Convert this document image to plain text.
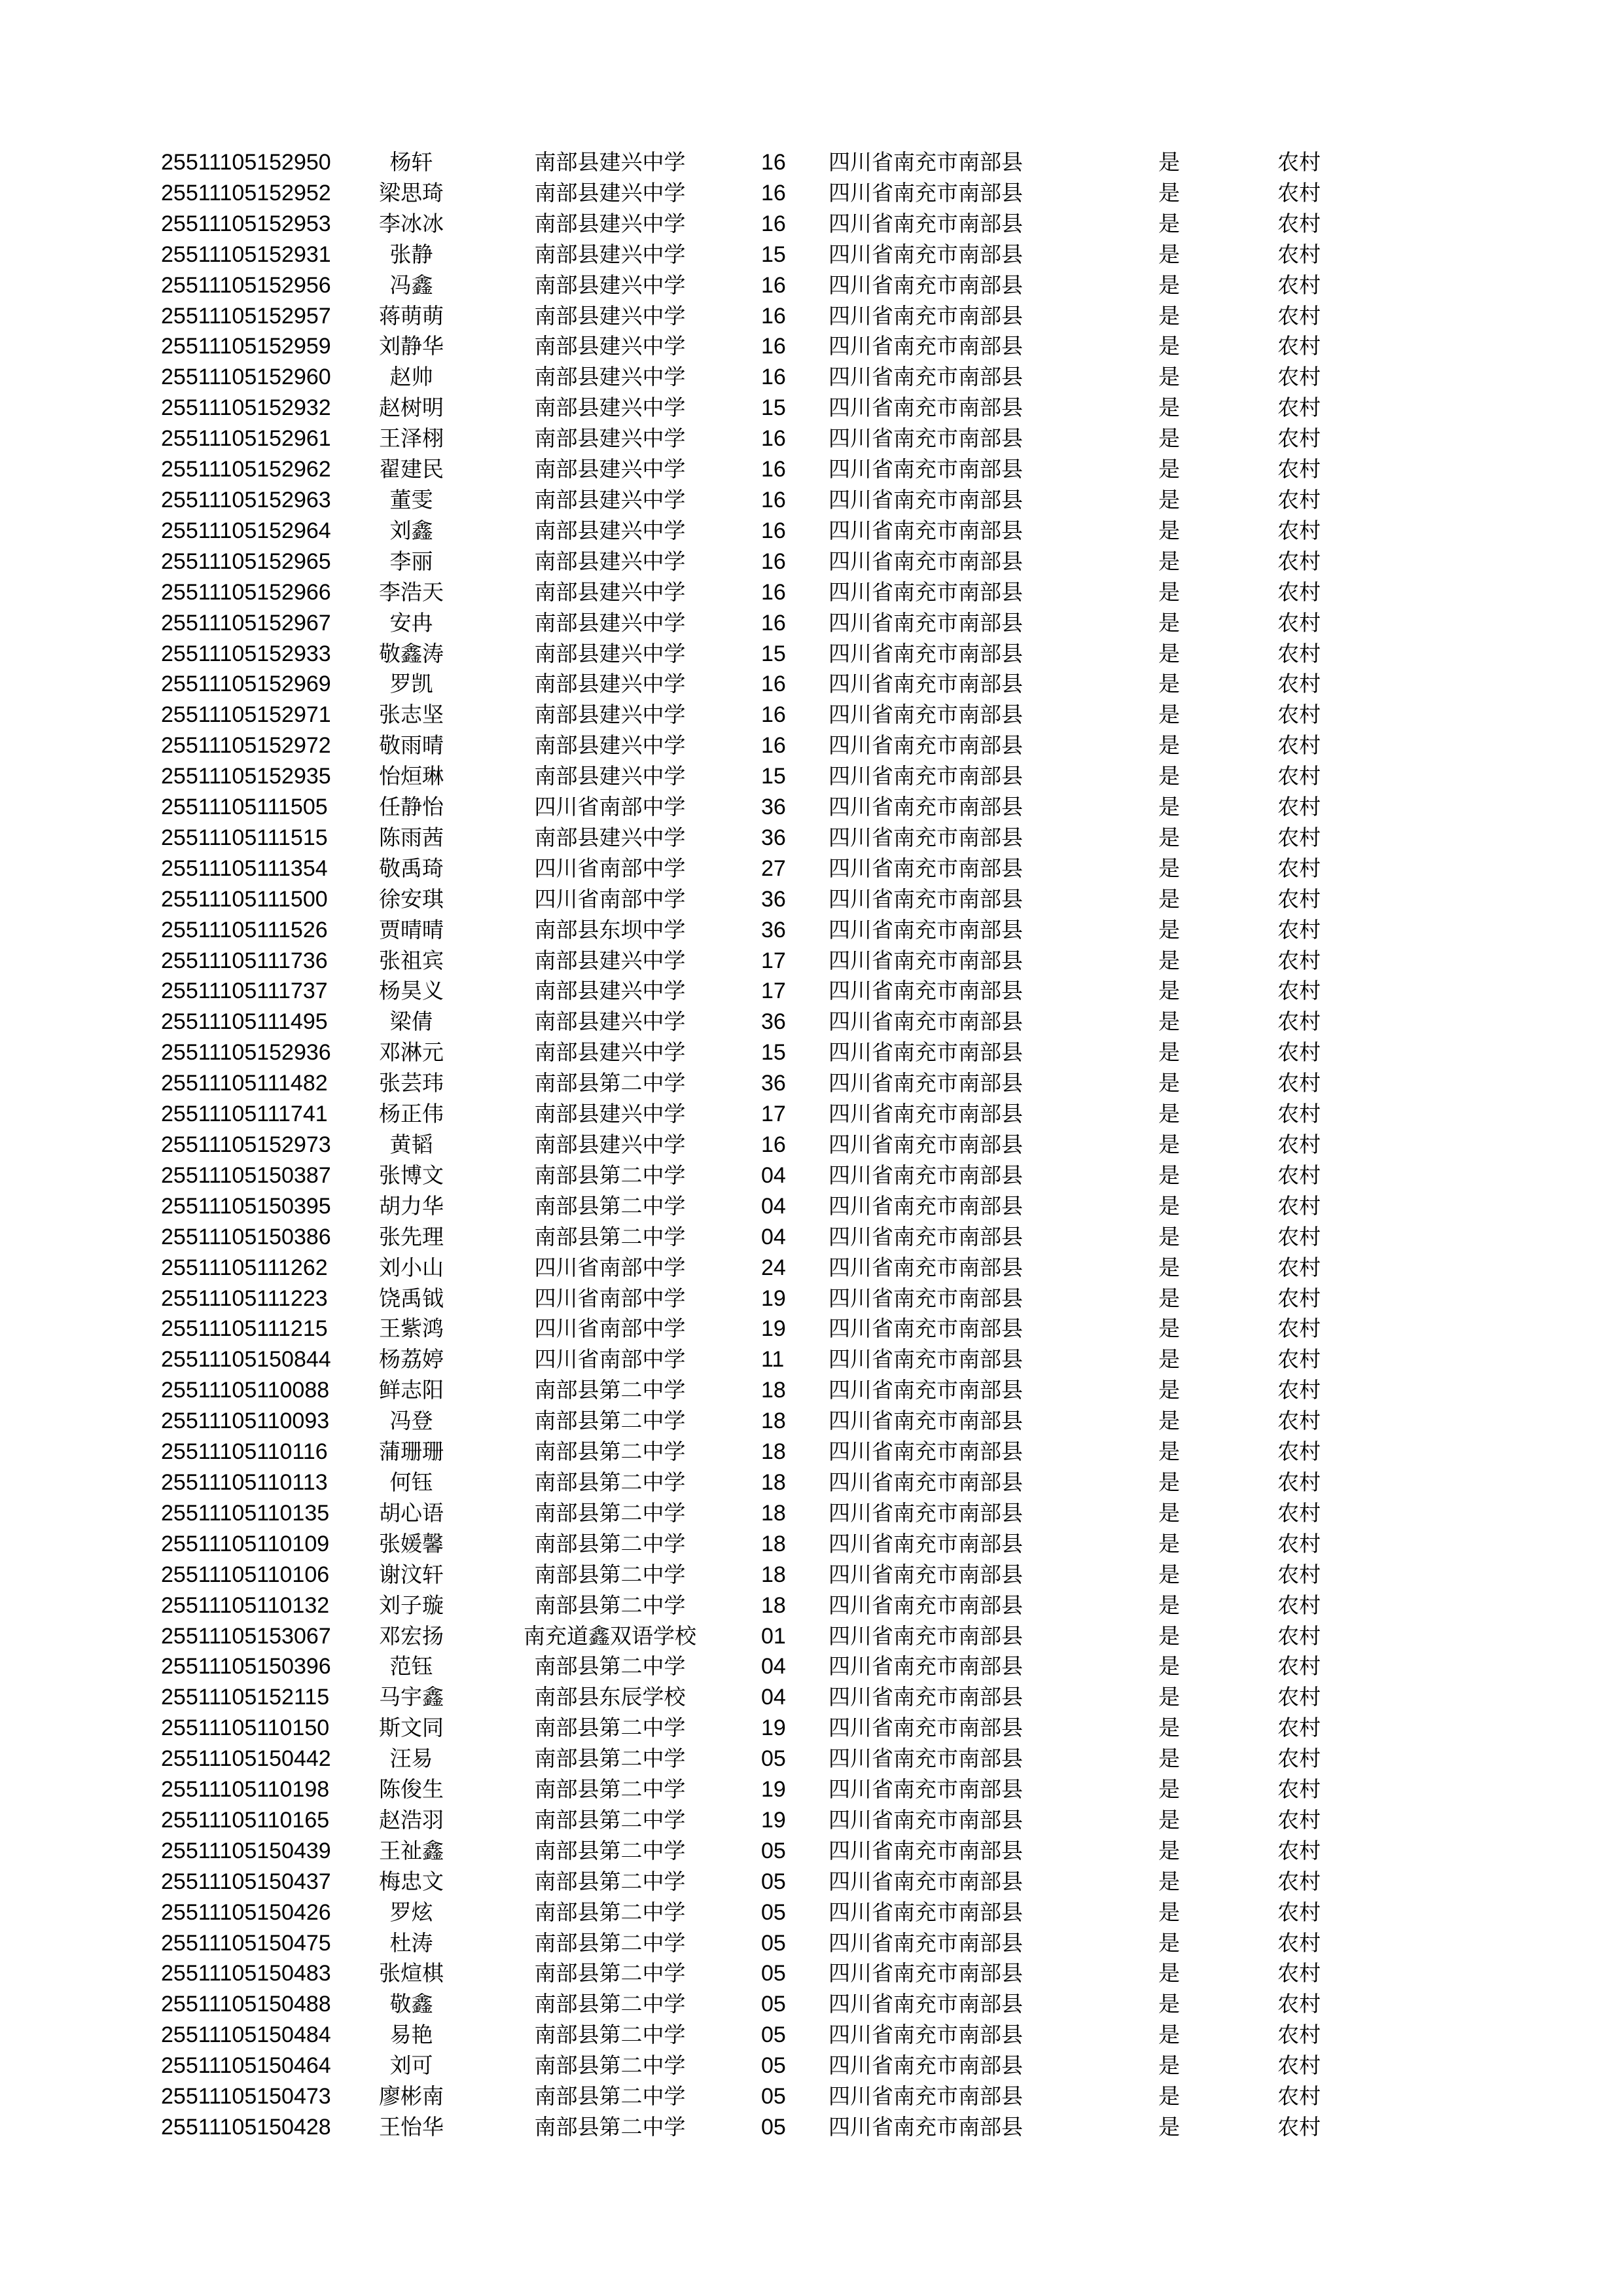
25511105152950	杨轩	南部县建兴中学	16	四川省南充市南部县	是	农村
25511105152952	梁思琦	南部县建兴中学	16	四川省南充市南部县	是	农村
25511105152953	李冰冰	南部县建兴中学	16	四川省南充市南部县	是	农村
25511105152931	张静	南部县建兴中学	15	四川省南充市南部县	是	农村
25511105152956	冯鑫	南部县建兴中学	16	四川省南充市南部县	是	农村
25511105152957	蒋萌萌	南部县建兴中学	16	四川省南充市南部县	是	农村
25511105152959	刘静华	南部县建兴中学	16	四川省南充市南部县	是	农村
25511105152960	赵帅	南部县建兴中学	16	四川省南充市南部县	是	农村
25511105152932	赵树明	南部县建兴中学	15	四川省南充市南部县	是	农村
25511105152961	王泽栩	南部县建兴中学	16	四川省南充市南部县	是	农村
25511105152962	翟建民	南部县建兴中学	16	四川省南充市南部县	是	农村
25511105152963	董雯	南部县建兴中学	16	四川省南充市南部县	是	农村
25511105152964	刘鑫	南部县建兴中学	16	四川省南充市南部县	是	农村
25511105152965	李丽	南部县建兴中学	16	四川省南充市南部县	是	农村
25511105152966	李浩天	南部县建兴中学	16	四川省南充市南部县	是	农村
25511105152967	安冉	南部县建兴中学	16	四川省南充市南部县	是	农村
25511105152933	敬鑫涛	南部县建兴中学	15	四川省南充市南部县	是	农村
25511105152969	罗凯	南部县建兴中学	16	四川省南充市南部县	是	农村
25511105152971	张志坚	南部县建兴中学	16	四川省南充市南部县	是	农村
25511105152972	敬雨晴	南部县建兴中学	16	四川省南充市南部县	是	农村
25511105152935	怡烜琳	南部县建兴中学	15	四川省南充市南部县	是	农村
25511105111505	任静怡	四川省南部中学	36	四川省南充市南部县	是	农村
25511105111515	陈雨茜	南部县建兴中学	36	四川省南充市南部县	是	农村
25511105111354	敬禹琦	四川省南部中学	27	四川省南充市南部县	是	农村
25511105111500	徐安琪	四川省南部中学	36	四川省南充市南部县	是	农村
25511105111526	贾晴晴	南部县东坝中学	36	四川省南充市南部县	是	农村
25511105111736	张祖宾	南部县建兴中学	17	四川省南充市南部县	是	农村
25511105111737	杨昊义	南部县建兴中学	17	四川省南充市南部县	是	农村
25511105111495	梁倩	南部县建兴中学	36	四川省南充市南部县	是	农村
25511105152936	邓淋元	南部县建兴中学	15	四川省南充市南部县	是	农村
25511105111482	张芸玮	南部县第二中学	36	四川省南充市南部县	是	农村
25511105111741	杨正伟	南部县建兴中学	17	四川省南充市南部县	是	农村
25511105152973	黄韬	南部县建兴中学	16	四川省南充市南部县	是	农村
25511105150387	张博文	南部县第二中学	04	四川省南充市南部县	是	农村
25511105150395	胡力华	南部县第二中学	04	四川省南充市南部县	是	农村
25511105150386	张先理	南部县第二中学	04	四川省南充市南部县	是	农村
25511105111262	刘小山	四川省南部中学	24	四川省南充市南部县	是	农村
25511105111223	饶禹钺	四川省南部中学	19	四川省南充市南部县	是	农村
25511105111215	王紫鸿	四川省南部中学	19	四川省南充市南部县	是	农村
25511105150844	杨荔婷	四川省南部中学	11	四川省南充市南部县	是	农村
25511105110088	鲜志阳	南部县第二中学	18	四川省南充市南部县	是	农村
25511105110093	冯登	南部县第二中学	18	四川省南充市南部县	是	农村
25511105110116	蒲珊珊	南部县第二中学	18	四川省南充市南部县	是	农村
25511105110113	何钰	南部县第二中学	18	四川省南充市南部县	是	农村
25511105110135	胡心语	南部县第二中学	18	四川省南充市南部县	是	农村
25511105110109	张媛馨	南部县第二中学	18	四川省南充市南部县	是	农村
25511105110106	谢汶轩	南部县第二中学	18	四川省南充市南部县	是	农村
25511105110132	刘子璇	南部县第二中学	18	四川省南充市南部县	是	农村
25511105153067	邓宏扬	南充道鑫双语学校	01	四川省南充市南部县	是	农村
25511105150396	范钰	南部县第二中学	04	四川省南充市南部县	是	农村
25511105152115	马宇鑫	南部县东辰学校	04	四川省南充市南部县	是	农村
25511105110150	斯文同	南部县第二中学	19	四川省南充市南部县	是	农村
25511105150442	汪易	南部县第二中学	05	四川省南充市南部县	是	农村
25511105110198	陈俊生	南部县第二中学	19	四川省南充市南部县	是	农村
25511105110165	赵浩羽	南部县第二中学	19	四川省南充市南部县	是	农村
25511105150439	王祉鑫	南部县第二中学	05	四川省南充市南部县	是	农村
25511105150437	梅忠文	南部县第二中学	05	四川省南充市南部县	是	农村
25511105150426	罗炫	南部县第二中学	05	四川省南充市南部县	是	农村
25511105150475	杜涛	南部县第二中学	05	四川省南充市南部县	是	农村
25511105150483	张煊棋	南部县第二中学	05	四川省南充市南部县	是	农村
25511105150488	敬鑫	南部县第二中学	05	四川省南充市南部县	是	农村
25511105150484	易艳	南部县第二中学	05	四川省南充市南部县	是	农村
25511105150464	刘可	南部县第二中学	05	四川省南充市南部县	是	农村
25511105150473	廖彬南	南部县第二中学	05	四川省南充市南部县	是	农村
25511105150428	王怡华	南部县第二中学	05	四川省南充市南部县	是	农村
